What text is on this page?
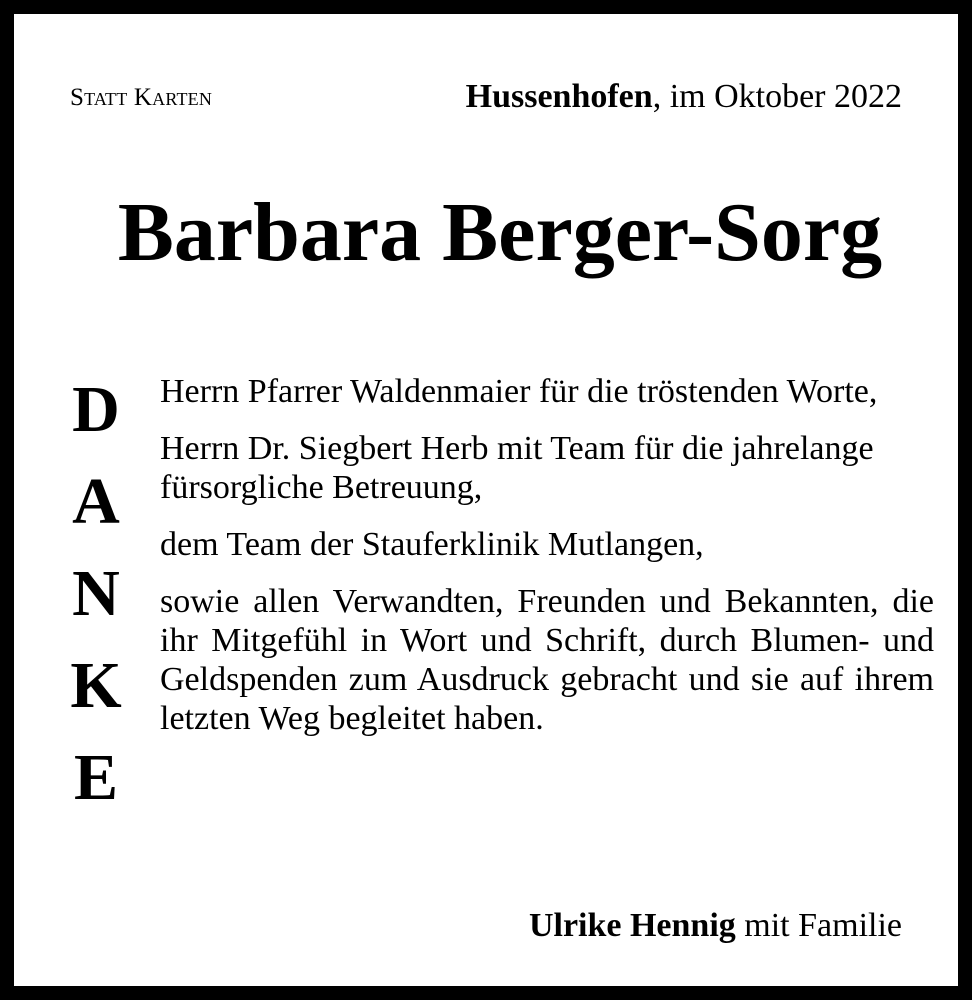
Statt Karten	Hussenhofen, im Oktober 2022
Barbara Berger-Sorg
D
A
N
K
E

Herrn Pfarrer Waldenmaier für die tröstenden Worte,

Herrn Dr. Siegbert Herb mit Team für die jahrelange fürsorgliche Betreuung,

dem Team der Stauferklinik Mutlangen,

sowie allen Verwandten, Freunden und Bekannten, die ihr Mitgefühl in Wort und Schrift, durch Blumen- und Geldspenden zum Ausdruck gebracht und sie auf ihrem letzten Weg begleitet haben.

Ulrike Hennig mit Familie
